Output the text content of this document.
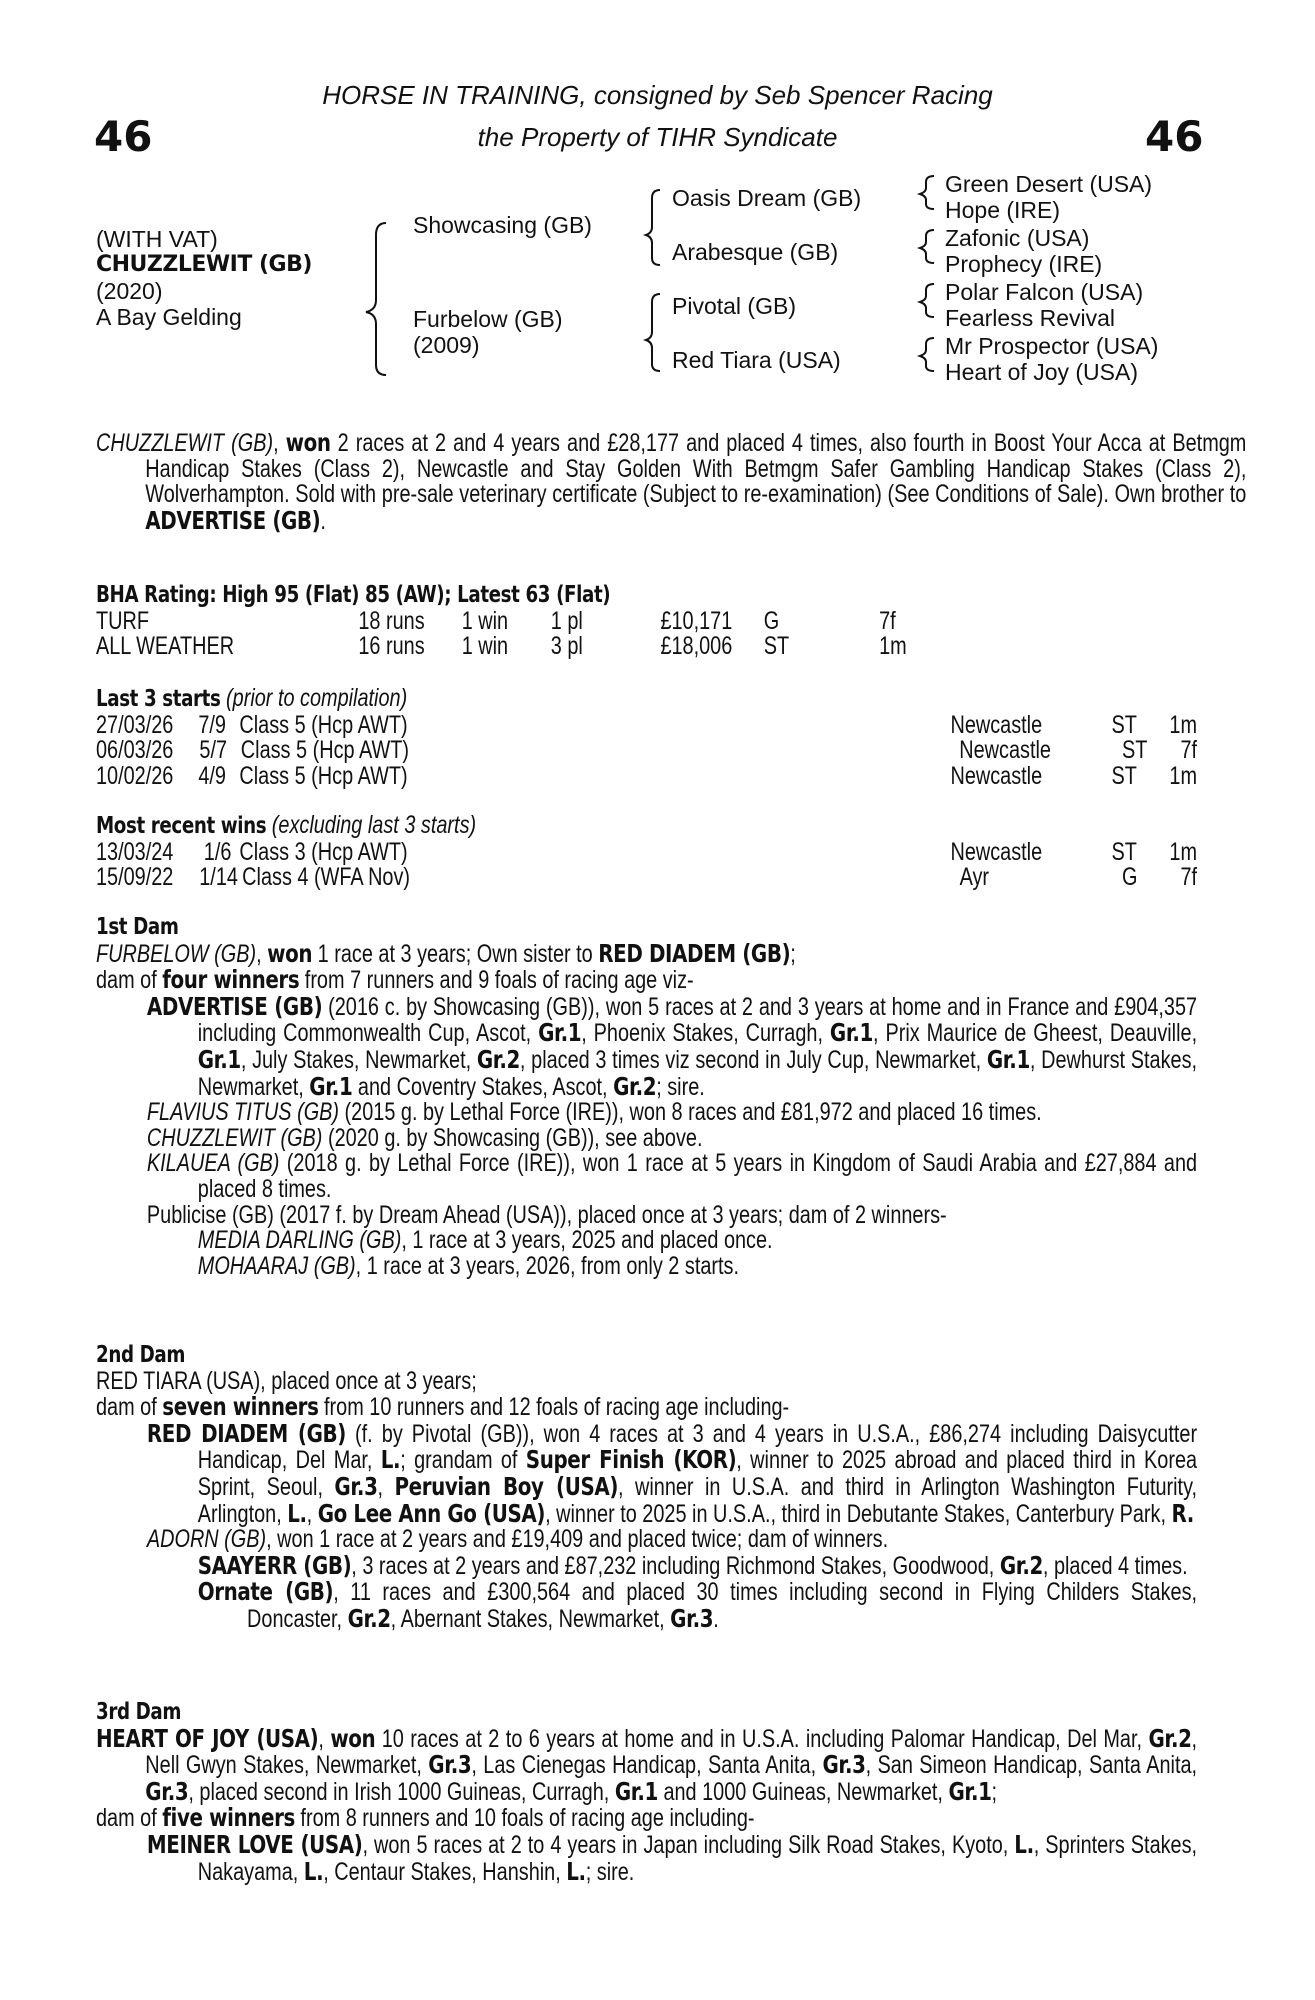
HORSE IN TRAINING, consigned by Seb Spencer Racing
the Property of TIHR Syndicate
46	46
(WITH VAT)
CHUZZLEWIT (GB)
(2020)
A Bay Gelding
Showcasing (GB)
Furbelow (GB)
(2009)
Oasis Dream (GB)
Arabesque (GB)
Pivotal (GB)
Red Tiara (USA)
Green Desert (USA)
Hope (IRE)
Zafonic (USA)
Prophecy (IRE)
Polar Falcon (USA)
Fearless Revival
Mr Prospector (USA)
Heart of Joy (USA)
CHUZZLEWIT (GB), won 2 races at 2 and 4 years and £28,177 and placed 4 times, also fourth in Boost Your Acca at Betmgm Handicap Stakes (Class 2), Newcastle and Stay Golden With Betmgm Safer Gambling Handicap Stakes (Class 2), Wolverhampton. Sold with pre-sale veterinary certificate (Subject to re-examination) (See Conditions of Sale). Own brother to ADVERTISE (GB).
BHA Rating: High 95 (Flat) 85 (AW); Latest 63 (Flat)
TURF	18 runs	1 win	1 pl	£10,171	G	7f
ALL WEATHER	16 runs	1 win	3 pl	£18,006	ST	1m
Last 3 starts (prior to compilation)
27/03/26 7/9 Class 5 (Hcp AWT)	Newcastle	ST	1m
06/03/26	5/7 Class 5 (Hcp AWT)	Newcastle	ST	7f
10/02/26 4/9 Class 5 (Hcp AWT)	Newcastle	ST	1m
Most recent wins (excluding last 3 starts)
13/03/24	1/6 Class 3 (Hcp AWT)	Newcastle	ST	1m
15/09/22	1/14 Class 4 (WFA Nov)	Ayr	G	7f
1st Dam
FURBELOW (GB), won 1 race at 3 years; Own sister to RED DIADEM (GB);
dam of four winners from 7 runners and 9 foals of racing age viz-
ADVERTISE (GB) (2016 c. by Showcasing (GB)), won 5 races at 2 and 3 years at home and in France and £904,357 including Commonwealth Cup, Ascot, Gr.1, Phoenix Stakes, Curragh, Gr.1, Prix Maurice de Gheest, Deauville, Gr.1, July Stakes, Newmarket, Gr.2, placed 3 times viz second in July Cup, Newmarket, Gr.1, Dewhurst Stakes, Newmarket, Gr.1 and Coventry Stakes, Ascot, Gr.2; sire.
FLAVIUS TITUS (GB) (2015 g. by Lethal Force (IRE)), won 8 races and £81,972 and placed 16 times.
CHUZZLEWIT (GB) (2020 g. by Showcasing (GB)), see above.
KILAUEA (GB) (2018 g. by Lethal Force (IRE)), won 1 race at 5 years in Kingdom of Saudi Arabia and £27,884 and placed 8 times.
Publicise (GB) (2017 f. by Dream Ahead (USA)), placed once at 3 years; dam of 2 winners-
MEDIA DARLING (GB), 1 race at 3 years, 2025 and placed once.
MOHAARAJ (GB), 1 race at 3 years, 2026, from only 2 starts.
2nd Dam
RED TIARA (USA), placed once at 3 years;
dam of seven winners from 10 runners and 12 foals of racing age including-
RED DIADEM (GB) (f. by Pivotal (GB)), won 4 races at 3 and 4 years in U.S.A., £86,274 including Daisycutter Handicap, Del Mar, L.; grandam of Super Finish (KOR), winner to 2025 abroad and placed third in Korea Sprint, Seoul, Gr.3, Peruvian Boy (USA), winner in U.S.A. and third in Arlington Washington Futurity, Arlington, L., Go Lee Ann Go (USA), winner to 2025 in U.S.A., third in Debutante Stakes, Canterbury Park, R.
ADORN (GB), won 1 race at 2 years and £19,409 and placed twice; dam of winners.
SAAYERR (GB), 3 races at 2 years and £87,232 including Richmond Stakes, Goodwood, Gr.2, placed 4 times.
Ornate (GB), 11 races and £300,564 and placed 30 times including second in Flying Childers Stakes, Doncaster, Gr.2, Abernant Stakes, Newmarket, Gr.3.
3rd Dam
HEART OF JOY (USA), won 10 races at 2 to 6 years at home and in U.S.A. including Palomar Handicap, Del Mar, Gr.2, Nell Gwyn Stakes, Newmarket, Gr.3, Las Cienegas Handicap, Santa Anita, Gr.3, San Simeon Handicap, Santa Anita, Gr.3, placed second in Irish 1000 Guineas, Curragh, Gr.1 and 1000 Guineas, Newmarket, Gr.1;
dam of five winners from 8 runners and 10 foals of racing age including-
MEINER LOVE (USA), won 5 races at 2 to 4 years in Japan including Silk Road Stakes, Kyoto, L., Sprinters Stakes, Nakayama, L., Centaur Stakes, Hanshin, L.; sire.
